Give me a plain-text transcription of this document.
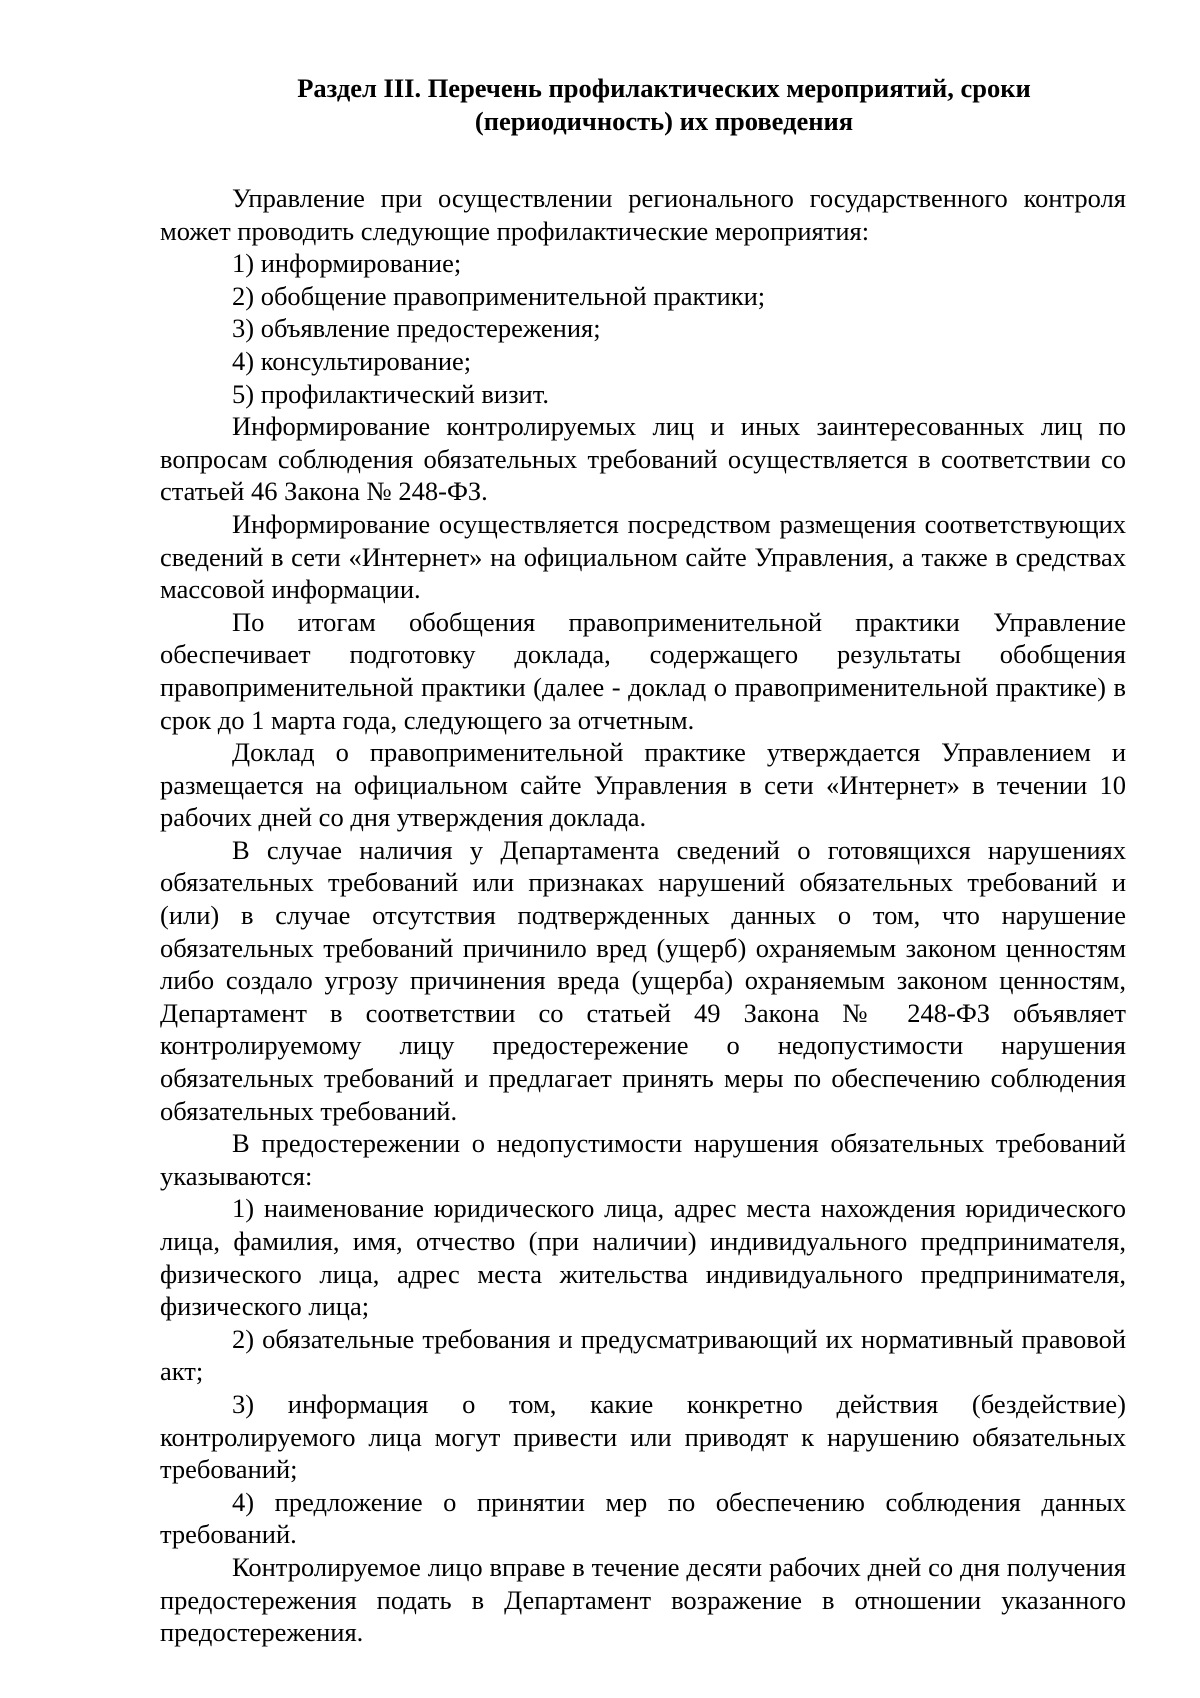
Раздел III. Перечень профилактических мероприятий, сроки (периодичность) их проведения

Управление при осуществлении регионального государственного контроля может проводить следующие профилактические мероприятия:

1) информирование;

2) обобщение правоприменительной практики;

3) объявление предостережения;

4) консультирование;

5) профилактический визит.

Информирование контролируемых лиц и иных заинтересованных лиц по вопросам соблюдения обязательных требований осуществляется в соответствии со статьей 46 Закона № 248-ФЗ.

Информирование осуществляется посредством размещения соответствующих сведений в сети «Интернет» на официальном сайте Управления, а также в средствах массовой информации.

По итогам обобщения правоприменительной практики Управление обеспечивает подготовку доклада, содержащего результаты обобщения правоприменительной практики (далее - доклад о правоприменительной практике) в срок до 1 марта года, следующего за отчетным.

Доклад о правоприменительной практике утверждается Управлением и размещается на официальном сайте Управления в сети «Интернет» в течении 10 рабочих дней со дня утверждения доклада.

В случае наличия у Департамента сведений о готовящихся нарушениях обязательных требований или признаках нарушений обязательных требований и (или) в случае отсутствия подтвержденных данных о том, что нарушение обязательных требований причинило вред (ущерб) охраняемым законом ценностям либо создало угрозу причинения вреда (ущерба) охраняемым законом ценностям, Департамент в соответствии со статьей 49 Закона № 248-ФЗ объявляет контролируемому лицу предостережение о недопустимости нарушения обязательных требований и предлагает принять меры по обеспечению соблюдения обязательных требований.

В предостережении о недопустимости нарушения обязательных требований указываются:

1) наименование юридического лица, адрес места нахождения юридического лица, фамилия, имя, отчество (при наличии) индивидуального предпринимателя, физического лица, адрес места жительства индивидуального предпринимателя, физического лица;

2) обязательные требования и предусматривающий их нормативный правовой акт;

3) информация о том, какие конкретно действия (бездействие) контролируемого лица могут привести или приводят к нарушению обязательных требований;

4) предложение о принятии мер по обеспечению соблюдения данных требований.

Контролируемое лицо вправе в течение десяти рабочих дней со дня получения предостережения подать в Департамент возражение в отношении указанного предостережения.
